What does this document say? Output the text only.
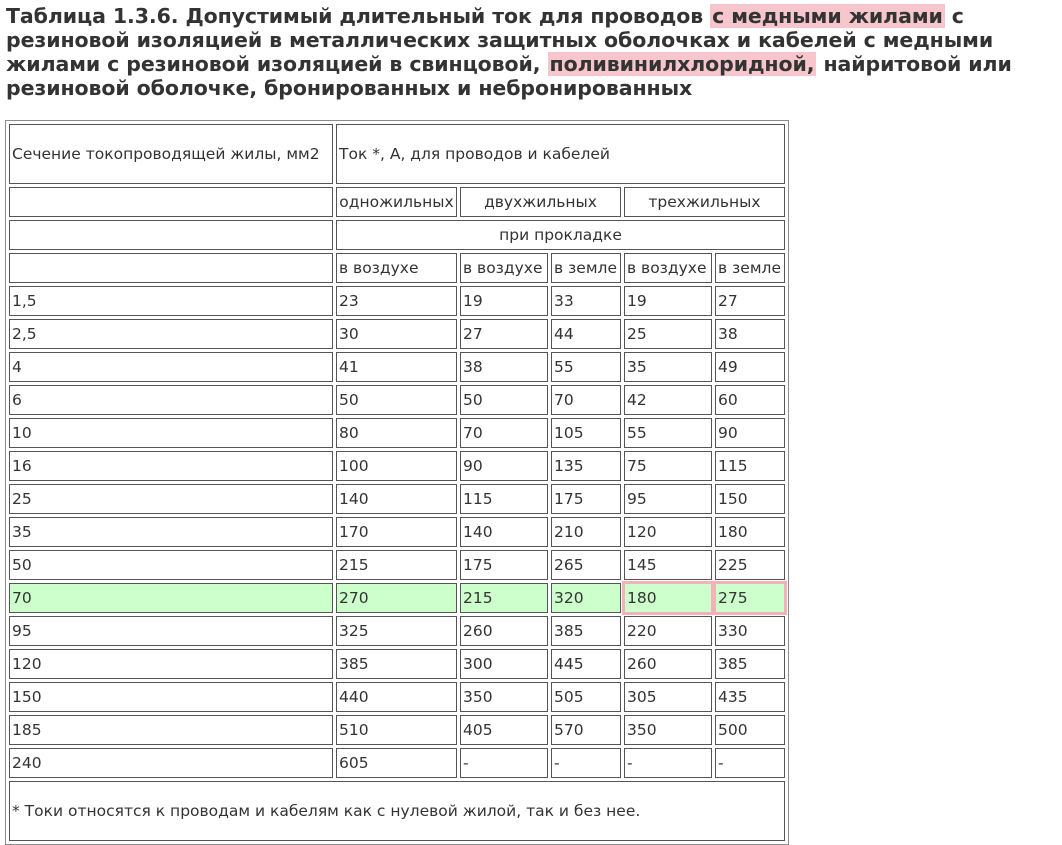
Таблица 1.3.6. Допустимый длительный ток для проводов с медными жилами с резиновой изоляцией в металлических защитных оболочках и кабелей с медными жилами с резиновой изоляцией в свинцовой, поливинилхлоридной, найритовой или резиновой оболочке, бронированных и небронированных
Сечение токопроводящей жилы, мм2	Ток *, А, для проводов и кабелей				
	одножильных	двухжильных		трехжильных	
	при прокладке				
	в воздухе	в воздухе	в земле	в воздухе	в земле
1,5	23	19	33	19	27
2,5	30	27	44	25	38
4	41	38	55	35	49
6	50	50	70	42	60
10	80	70	105	55	90
16	100	90	135	75	115
25	140	115	175	95	150
35	170	140	210	120	180
50	215	175	265	145	225
70	270	215	320	180	275
95	325	260	385	220	330
120	385	300	445	260	385
150	440	350	505	305	435
185	510	405	570	350	500
240	605	-	-	-	-
* Токи относятся к проводам и кабелям как с нулевой жилой, так и без нее.					
